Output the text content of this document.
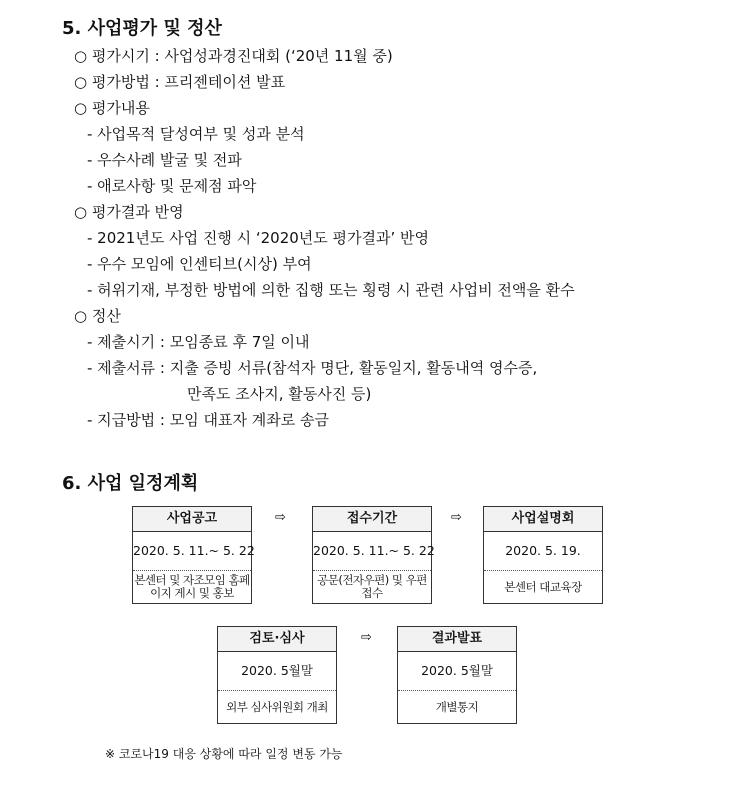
5. 사업평가 및 정산
○ 평가시기 : 사업성과경진대회 (‘20년 11월 중)
○ 평가방법 : 프리젠테이션 발표
○ 평가내용
- 사업목적 달성여부 및 성과 분석
- 우수사례 발굴 및 전파
- 애로사항 및 문제점 파악
○ 평가결과 반영
- 2021년도 사업 진행 시 ‘2020년도 평가결과’ 반영
- 우수 모임에 인센티브(시상) 부여
- 허위기재, 부정한 방법에 의한 집행 또는 횡령 시 관련 사업비 전액을 환수
○ 정산
- 제출시기 : 모임종료 후 7일 이내
- 제출서류 : 지출 증빙 서류(참석자 명단, 활동일지, 활동내역 영수증,
만족도 조사지, 활동사진 등)
- 지급방법 : 모임 대표자 계좌로 송금
6. 사업 일정계획
사업공고
2020. 5. 11.~ 5. 22
본센터 및 자조모임 홈페이지 게시 및 홍보
⇨	접수기간
2020. 5. 11.~ 5. 22
공문(전자우편) 및 우편접수
⇨	사업설명회
2020. 5. 19.
본센터 대교육장
검토·심사
2020. 5월말
외부 심사위원회 개최
⇨	결과발표
2020. 5월말
개별통지
※ 코로나19 대응 상황에 따라 일정 변동 가능
